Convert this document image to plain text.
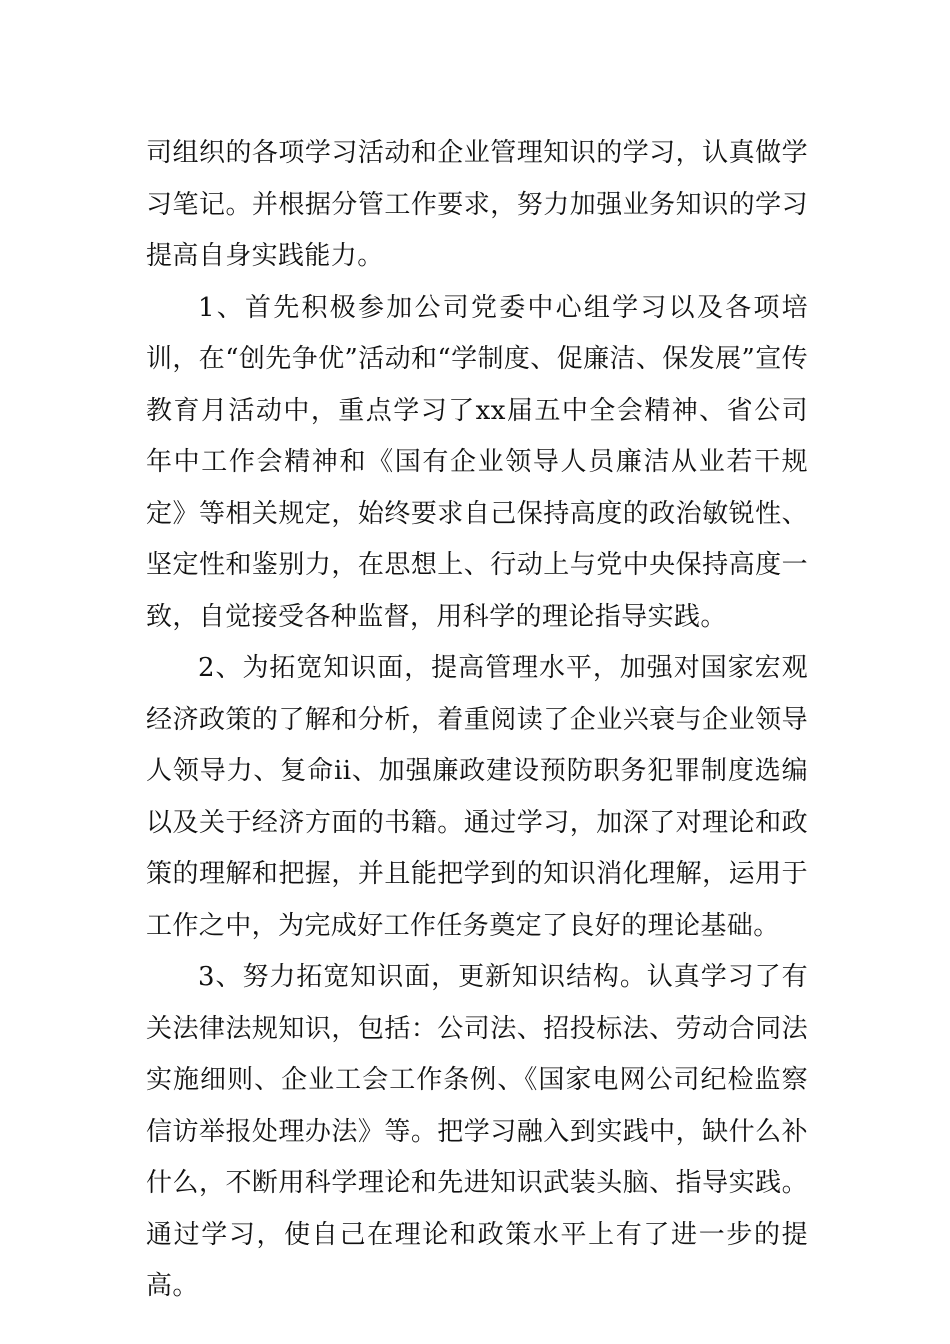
司组织的各项学习活动和企业管理知识的学习，认真做学习笔记。并根据分管工作要求，努力加强业务知识的学习提高自身实践能力。

1、首先积极参加公司党委中心组学习以及各项培训，在“创先争优”活动和“学制度、促廉洁、保发展”宣传教育月活动中，重点学习了xx届五中全会精神、省公司年中工作会精神和《国有企业领导人员廉洁从业若干规定》等相关规定，始终要求自己保持高度的政治敏锐性、坚定性和鉴别力，在思想上、行动上与党中央保持高度一致，自觉接受各种监督，用科学的理论指导实践。

2、为拓宽知识面，提高管理水平，加强对国家宏观经济政策的了解和分析，着重阅读了企业兴衰与企业领导人领导力、复命ii、加强廉政建设预防职务犯罪制度选编以及关于经济方面的书籍。通过学习，加深了对理论和政策的理解和把握，并且能把学到的知识消化理解，运用于工作之中，为完成好工作任务奠定了良好的理论基础。

3、努力拓宽知识面，更新知识结构。认真学习了有关法律法规知识，包括：公司法、招投标法、劳动合同法实施细则、企业工会工作条例、《国家电网公司纪检监察信访举报处理办法》等。把学习融入到实践中，缺什么补什么，不断用科学理论和先进知识武装头脑、指导实践。通过学习，使自己在理论和政策水平上有了进一步的提高。
